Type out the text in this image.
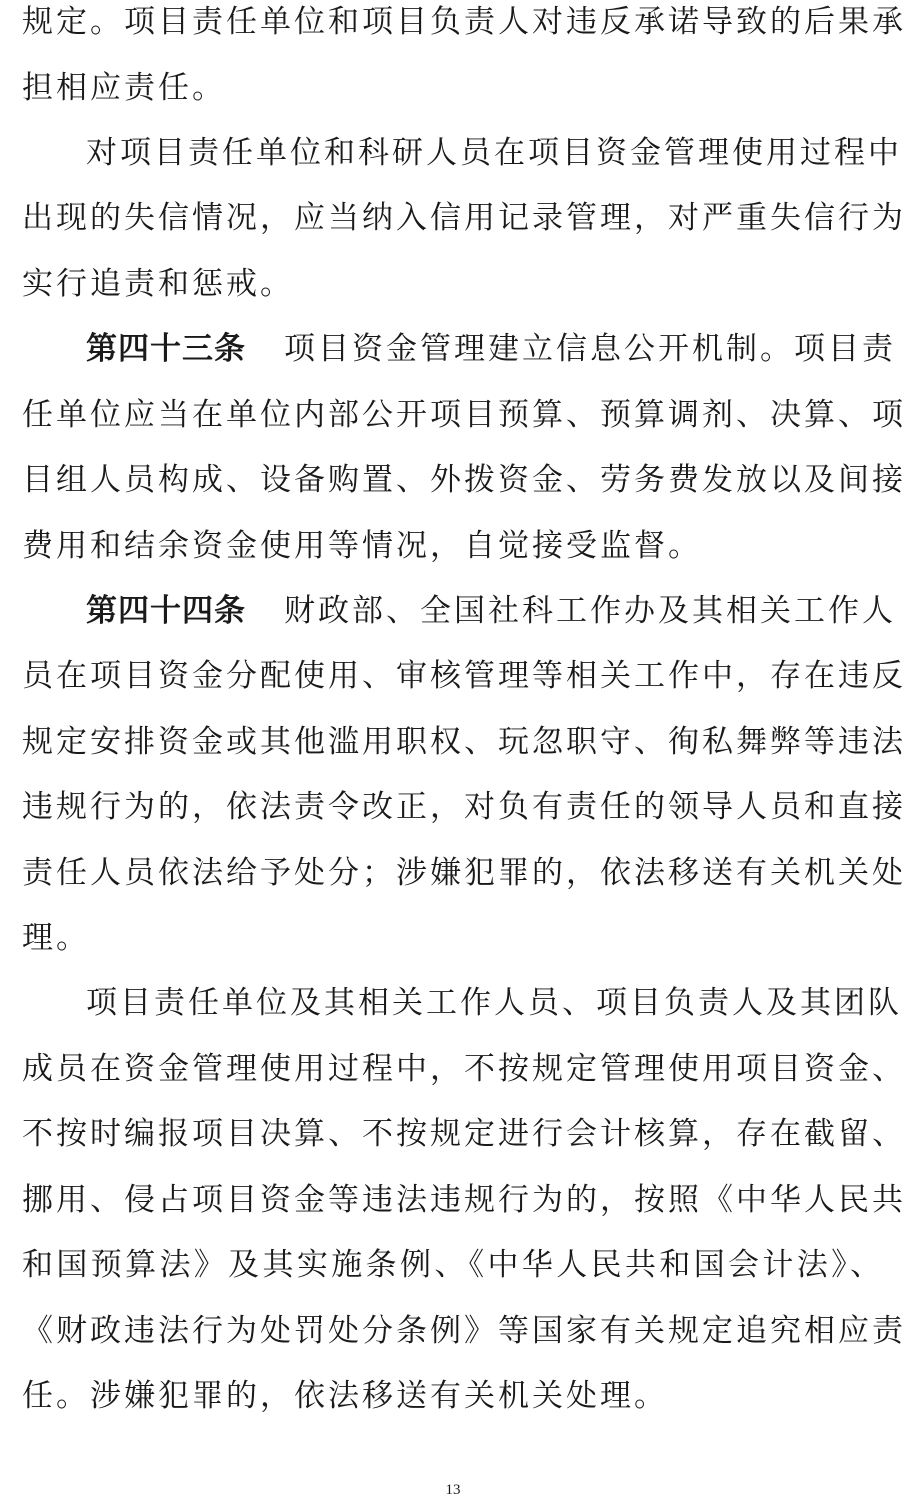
规定。项目责任单位和项目负责人对违反承诺导致的后果承
担相应责任。
对项目责任单位和科研人员在项目资金管理使用过程中
出现的失信情况，应当纳入信用记录管理，对严重失信行为
实行追责和惩戒。
第四十三条 项目资金管理建立信息公开机制。项目责
任单位应当在单位内部公开项目预算、预算调剂、决算、项
目组人员构成、设备购置、外拨资金、劳务费发放以及间接
费用和结余资金使用等情况，自觉接受监督。
第四十四条 财政部、全国社科工作办及其相关工作人
员在项目资金分配使用、审核管理等相关工作中，存在违反
规定安排资金或其他滥用职权、玩忽职守、徇私舞弊等违法
违规行为的，依法责令改正，对负有责任的领导人员和直接
责任人员依法给予处分；涉嫌犯罪的，依法移送有关机关处
理。
项目责任单位及其相关工作人员、项目负责人及其团队
成员在资金管理使用过程中，不按规定管理使用项目资金、
不按时编报项目决算、不按规定进行会计核算，存在截留、
挪用、侵占项目资金等违法违规行为的，按照《中华人民共
和国预算法》及其实施条例、《中华人民共和国会计法》、
《财政违法行为处罚处分条例》等国家有关规定追究相应责
任。涉嫌犯罪的，依法移送有关机关处理。
13
